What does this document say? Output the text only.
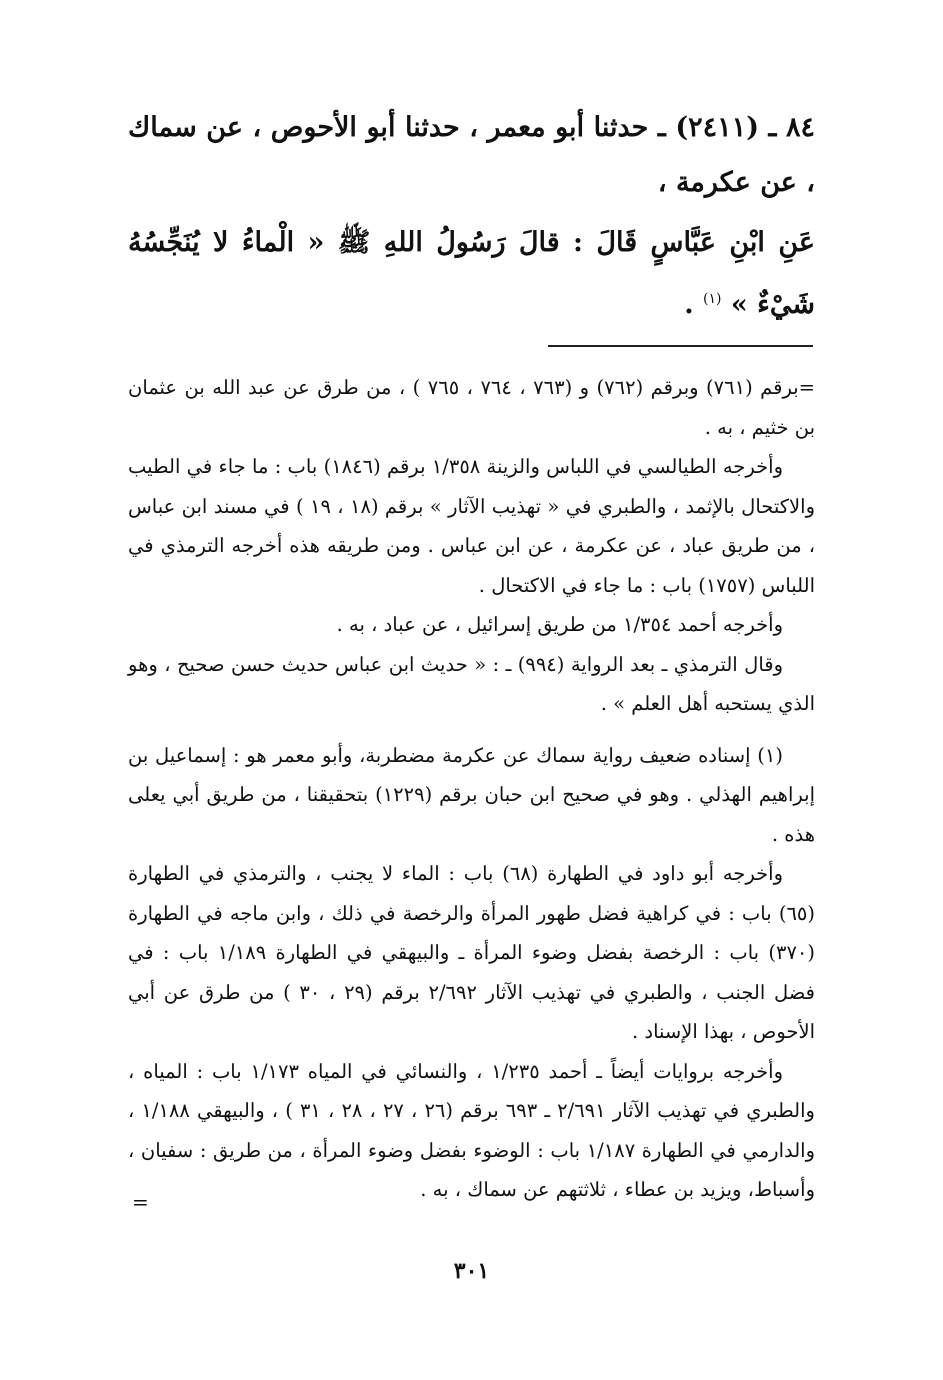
٨٤ ـ (٢٤١١) ـ حدثنا أبو معمر ، حدثنا أبو الأحوص ، عن سماك ، عن عكرمة ،
عَنِ ابْنِ عَبَّاسٍ قَالَ : قالَ رَسُولُ اللهِ ﷺ « الْماءُ لا يُنَجِّسُهُ شَيْءٌ » $^{(١)}$ .

=برقم (٧٦١) وبرقم (٧٦٢) و (٧٦٣ ، ٧٦٤ ، ٧٦٥ ) ، من طرق عن عبد الله بن عثمان بن خثيم ، به .

وأخرجه الطيالسي في اللباس والزينة ١/٣٥٨ برقم (١٨٤٦) باب : ما جاء في الطيب والاكتحال بالإثمد ، والطبري في « تهذيب الآثار » برقم (١٨ ، ١٩ ) في مسند ابن عباس ، من طريق عباد ، عن عكرمة ، عن ابن عباس . ومن طريقه هذه أخرجه الترمذي في اللباس (١٧٥٧) باب : ما جاء في الاكتحال .

وأخرجه أحمد ١/٣٥٤ من طريق إسرائيل ، عن عباد ، به .

وقال الترمذي ـ بعد الرواية (٩٩٤) ـ : « حديث ابن عباس حديث حسن صحيح ، وهو الذي يستحبه أهل العلم » .

(١) إسناده ضعيف رواية سماك عن عكرمة مضطربة، وأبو معمر هو : إسماعيل بن إبراهيم الهذلي . وهو في صحيح ابن حبان برقم (١٢٢٩) بتحقيقنا ، من طريق أبي يعلى هذه .

وأخرجه أبو داود في الطهارة (٦٨) باب : الماء لا يجنب ، والترمذي في الطهارة (٦٥) باب : في كراهية فضل طهور المرأة والرخصة في ذلك ، وابن ماجه في الطهارة (٣٧٠) باب : الرخصة بفضل وضوء المرأة ـ والبيهقي في الطهارة ١/١٨٩ باب : في فضل الجنب ، والطبري في تهذيب الآثار ٢/٦٩٢ برقم (٢٩ ، ٣٠ ) من طرق عن أبي الأحوص ، بهذا الإسناد .

وأخرجه بروايات أيضاً ـ أحمد ١/٢٣٥ ، والنسائي في المياه ١/١٧٣ باب : المياه ، والطبري في تهذيب الآثار ٢/٦٩١ ـ ٦٩٣ برقم (٢٦ ، ٢٧ ، ٢٨ ، ٣١ ) ، والبيهقي ١/١٨٨ ، والدارمي في الطهارة ١/١٨٧ باب : الوضوء بفضل وضوء المرأة ، من طريق : سفيان ، وأسباط، ويزيد بن عطاء ، ثلاثتهم عن سماك ، به .

=
٣٠١
